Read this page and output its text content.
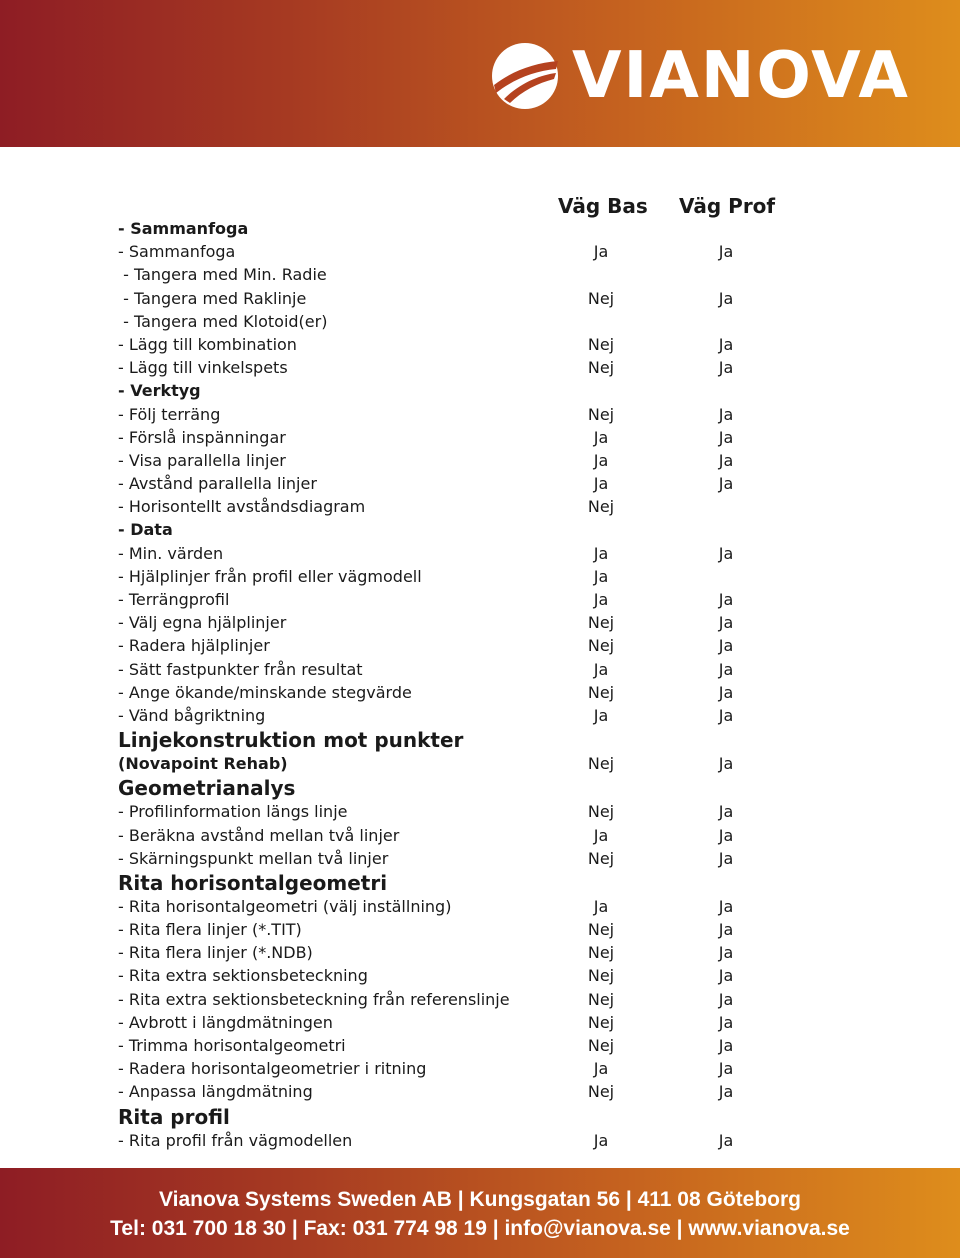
VIANOVA
Väg Bas Väg Prof
- Sammanfoga
- Sammanfoga	Ja	Ja
- Tangera med Min. Radie
- Tangera med Raklinje	Nej	Ja
- Tangera med Klotoid(er)
- Lägg till kombination	Nej	Ja
- Lägg till vinkelspets	Nej	Ja
- Verktyg
- Följ terräng	Nej	Ja
- Förslå inspänningar	Ja	Ja
- Visa parallella linjer	Ja	Ja
- Avstånd parallella linjer	Ja	Ja
- Horisontellt avståndsdiagram	Nej
- Data
- Min. värden	Ja	Ja
- Hjälplinjer från profil eller vägmodell	Ja
- Terrängprofil	Ja	Ja
- Välj egna hjälplinjer	Nej	Ja
- Radera hjälplinjer	Nej	Ja
- Sätt fastpunkter från resultat	Ja	Ja
- Ange ökande/minskande stegvärde	Nej	Ja
- Vänd bågriktning	Ja	Ja
Linjekonstruktion mot punkter
(Novapoint Rehab)	Nej	Ja
Geometrianalys
- Profilinformation längs linje	Nej	Ja
- Beräkna avstånd mellan två linjer	Ja	Ja
- Skärningspunkt mellan två linjer	Nej	Ja
Rita horisontalgeometri
- Rita horisontalgeometri (välj inställning)	Ja	Ja
- Rita flera linjer (*.TIT)	Nej	Ja
- Rita flera linjer (*.NDB)	Nej	Ja
- Rita extra sektionsbeteckning	Nej	Ja
- Rita extra sektionsbeteckning från referenslinje	Nej	Ja
- Avbrott i längdmätningen	Nej	Ja
- Trimma horisontalgeometri	Nej	Ja
- Radera horisontalgeometrier i ritning	Ja	Ja
- Anpassa längdmätning	Nej	Ja
Rita profil
- Rita profil från vägmodellen	Ja	Ja
Vianova Systems Sweden AB | Kungsgatan 56 | 411 08 Göteborg
Tel: 031 700 18 30 | Fax: 031 774 98 19 | info@vianova.se | www.vianova.se
